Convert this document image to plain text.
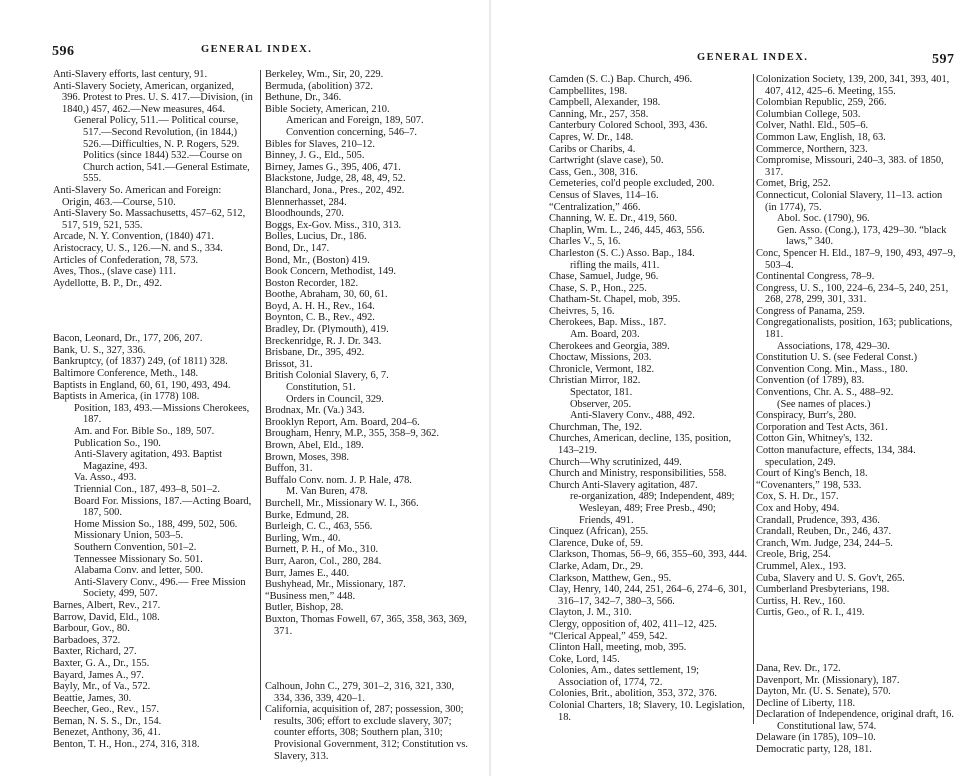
596	GENERAL INDEX.

Anti-Slavery efforts, last century, 91.

Anti-Slavery Society, American, organized, 396. Protest to Pres. U. S. 417.—Division, (in 1840,) 457, 462.—New measures, 464.

General Policy, 511.— Political course, 517.—Second Revolution, (in 1844,) 526.—Difficulties, N. P. Rogers, 529. Politics (since 1844) 532.—Course on Church action, 541.—General Estimate, 555.

Anti-Slavery So. American and Foreign: Origin, 463.—Course, 510.

Anti-Slavery So. Massachusetts, 457–62, 512, 517, 519, 521, 535.

Arcade, N. Y. Convention, (1840) 471.

Aristocracy, U. S., 126.—N. and S., 334.

Articles of Confederation, 78, 573.

Aves, Thos., (slave case) 111.

Aydellotte, B. P., Dr., 492.

Bacon, Leonard, Dr., 177, 206, 207.

Bank, U. S., 327, 336.

Bankruptcy, (of 1837) 249, (of 1811) 328.

Baltimore Conference, Meth., 148.

Baptists in England, 60, 61, 190, 493, 494.

Baptists in America, (in 1778) 108.

Position, 183, 493.—Missions Cherokees, 187.

Am. and For. Bible So., 189, 507.

Publication So., 190.

Anti-Slavery agitation, 493. Baptist Magazine, 493.

Va. Asso., 493.

Triennial Con., 187, 493–8, 501–2.

Board For. Missions, 187.—Acting Board, 187, 500.

Home Mission So., 188, 499, 502, 506.

Missionary Union, 503–5.

Southern Convention, 501–2.

Tennessee Missionary So. 501.

Alabama Conv. and letter, 500.

Anti-Slavery Conv., 496.— Free Mission Society, 499, 507.

Barnes, Albert, Rev., 217.

Barrow, David, Eld., 108.

Barbour, Gov., 80.

Barbadoes, 372.

Baxter, Richard, 27.

Baxter, G. A., Dr., 155.

Bayard, James A., 97.

Bayly, Mr., of Va., 572.

Beattie, James, 30.

Beecher, Geo., Rev., 157.

Beman, N. S. S., Dr., 154.

Benezet, Anthony, 36, 41.

Benton, T. H., Hon., 274, 316, 318.

Berkeley, Wm., Sir, 20, 229.

Bermuda, (abolition) 372.

Bethune, Dr., 346.

Bible Society, American, 210.

American and Foreign, 189, 507.

Convention concerning, 546–7.

Bibles for Slaves, 210–12.

Binney, J. G., Eld., 505.

Birney, James G., 395, 406, 471.

Blackstone, Judge, 28, 48, 49, 52.

Blanchard, Jona., Pres., 202, 492.

Blennerhasset, 284.

Bloodhounds, 270.

Boggs, Ex-Gov. Miss., 310, 313.

Bolles, Lucius, Dr., 186.

Bond, Dr., 147.

Bond, Mr., (Boston) 419.

Book Concern, Methodist, 149.

Boston Recorder, 182.

Boothe, Abraham, 30, 60, 61.

Boyd, A. H. H., Rev., 164.

Boynton, C. B., Rev., 492.

Bradley, Dr. (Plymouth), 419.

Breckenridge, R. J. Dr. 343.

Brisbane, Dr., 395, 492.

Brissot, 31.

British Colonial Slavery, 6, 7.

Constitution, 51.

Orders in Council, 329.

Brodnax, Mr. (Va.) 343.

Brooklyn Report, Am. Board, 204–6.

Brougham, Henry, M.P., 355, 358–9, 362.

Brown, Abel, Eld., 189.

Brown, Moses, 398.

Buffon, 31.

Buffalo Conv. nom. J. P. Hale, 478.

M. Van Buren, 478.

Burchell, Mr., Missionary W. I., 366.

Burke, Edmund, 28.

Burleigh, C. C., 463, 556.

Burling, Wm., 40.

Burnett, P. H., of Mo., 310.

Burr, Aaron, Col., 280, 284.

Burr, James E., 440.

Bushyhead, Mr., Missionary, 187.

“Business men,” 448.

Butler, Bishop, 28.

Buxton, Thomas Fowell, 67, 365, 358, 363, 369, 371.

Calhoun, John C., 279, 301–2, 316, 321, 330, 334, 336, 339, 420–1.

California, acquisition of, 287; possession, 300; results, 306; effort to exclude slavery, 307; counter efforts, 308; Southern plan, 310; Provisional Government, 312; Constitution vs. Slavery, 313.

GENERAL INDEX.	597

Camden (S. C.) Bap. Church, 496.

Campbellites, 198.

Campbell, Alexander, 198.

Canning, Mr., 257, 358.

Canterbury Colored School, 393, 436.

Capres, W. Dr., 148.

Caribs or Charibs, 4.

Cartwright (slave case), 50.

Cass, Gen., 308, 316.

Cemeteries, col'd people excluded, 200.

Census of Slaves, 114–16.

“Centralization,” 466.

Channing, W. E. Dr., 419, 560.

Chaplin, Wm. L., 246, 445, 463, 556.

Charles V., 5, 16.

Charleston (S. C.) Asso. Bap., 184.

rifling the mails, 411.

Chase, Samuel, Judge, 96.

Chase, S. P., Hon., 225.

Chatham-St. Chapel, mob, 395.

Cheivres, 5, 16.

Cherokees, Bap. Miss., 187.

Am. Board, 203.

Cherokees and Georgia, 389.

Choctaw, Missions, 203.

Chronicle, Vermont, 182.

Christian Mirror, 182.

Spectator, 181.

Observer, 205.

Anti-Slavery Conv., 488, 492.

Churchman, The, 192.

Churches, American, decline, 135, position, 143–219.

Church—Why scrutinized, 449.

Church and Ministry, responsibilities, 558.

Church Anti-Slavery agitation, 487.

re-organization, 489; Independent, 489; Wesleyan, 489; Free Presb., 490; Friends, 491.

Cinquez (African), 255.

Clarence, Duke of, 59.

Clarkson, Thomas, 56–9, 66, 355–60, 393, 444.

Clarke, Adam, Dr., 29.

Clarkson, Matthew, Gen., 95.

Clay, Henry, 140, 244, 251, 264–6, 274–6, 301, 316–17, 342–7, 380–3, 566.

Clayton, J. M., 310.

Clergy, opposition of, 402, 411–12, 425.

“Clerical Appeal,” 459, 542.

Clinton Hall, meeting, mob, 395.

Coke, Lord, 145.

Colonies, Am., dates settlement, 19; Association of, 1774, 72.

Colonies, Brit., abolition, 353, 372, 376.

Colonial Charters, 18; Slavery, 10. Legislation, 18.

Colonization Society, 139, 200, 341, 393, 401, 407, 412, 425–6. Meeting, 155.

Colombian Republic, 259, 266.

Columbian College, 503.

Colver, Nathl. Eld., 505–6.

Common Law, English, 18, 63.

Commerce, Northern, 323.

Compromise, Missouri, 240–3, 383. of 1850, 317.

Comet, Brig, 252.

Connecticut, Colonial Slavery, 11–13. action (in 1774), 75.

Abol. Soc. (1790), 96.

Gen. Asso. (Cong.), 173, 429–30. “black laws,” 340.

Conc, Spencer H. Eld., 187–9, 190, 493, 497–9, 503–4.

Continental Congress, 78–9.

Congress, U. S., 100, 224–6, 234–5, 240, 251, 268, 278, 299, 301, 331.

Congress of Panama, 259.

Congregationalists, position, 163; publications, 181.

Associations, 178, 429–30.

Constitution U. S. (see Federal Const.)

Convention Cong. Min., Mass., 180.

Convention (of 1789), 83.

Conventions, Chr. A. S., 488–92.

(See names of places.)

Conspiracy, Burr's, 280.

Corporation and Test Acts, 361.

Cotton Gin, Whitney's, 132.

Cotton manufacture, effects, 134, 384. speculation, 249.

Court of King's Bench, 18.

“Covenanters,” 198, 533.

Cox, S. H. Dr., 157.

Cox and Hoby, 494.

Crandall, Prudence, 393, 436.

Crandall, Reuben, Dr., 246, 437.

Cranch, Wm. Judge, 234, 244–5.

Creole, Brig, 254.

Crummel, Alex., 193.

Cuba, Slavery and U. S. Gov't, 265.

Cumberland Presbyterians, 198.

Curtiss, H. Rev., 160.

Curtis, Geo., of R. I., 419.

Dana, Rev. Dr., 172.

Davenport, Mr. (Missionary), 187.

Dayton, Mr. (U. S. Senate), 570.

Decline of Liberty, 118.

Declaration of Independence, original draft, 16.

Constitutional law, 574.

Delaware (in 1785), 109–10.

Democratic party, 128, 181.
